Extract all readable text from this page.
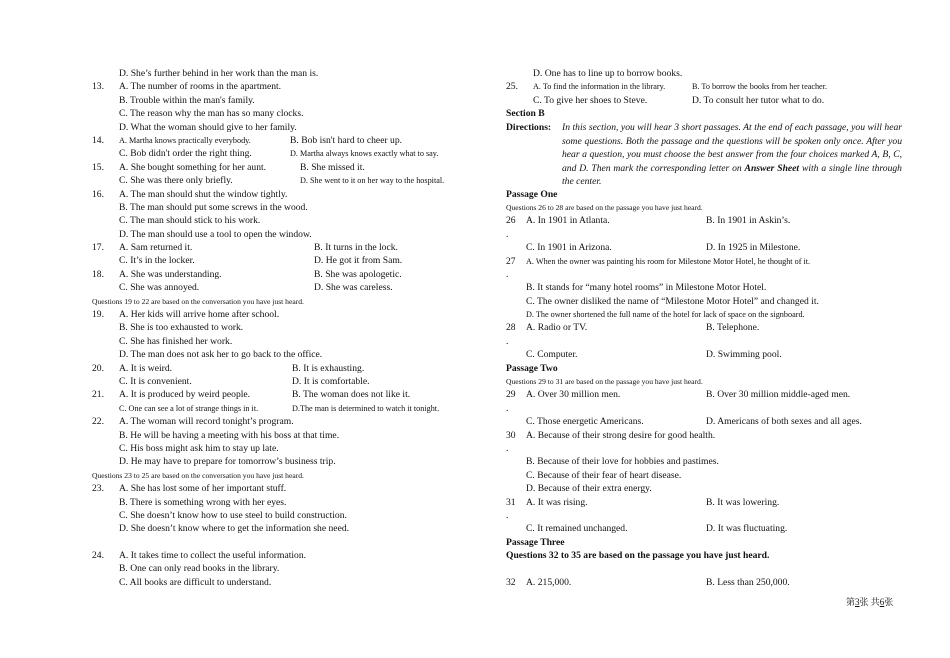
D. She’s further behind in her work than the man is.
13. A. The number of rooms in the apartment.
B. Trouble within the man's family.
C. The reason why the man has so many clocks.
D. What the woman should give to her family.
14. A. Martha knows practically everybody.	B. Bob isn't hard to cheer up.
C. Bob didn't order the right thing.	D. Martha always knows exactly what to say.
15. A. She bought something for her aunt.	B. She missed it.
C. She was there only briefly.	D. She went to it on her way to the hospital.
16. A. The man should shut the window tightly.
B. The man should put some screws in the wood.
C. The man should stick to his work.
D. The man should use a tool to open the window.
17. A. Sam returned it.	B. It turns in the lock.
C. It’s in the locker.	D. He got it from Sam.
18. A. She was understanding.	B. She was apologetic.
C. She was annoyed.	D. She was careless.
Questions 19 to 22 are based on the conversation you have just heard.
19. A. Her kids will arrive home after school.
B. She is too exhausted to work.
C. She has finished her work.
D. The man does not ask her to go back to the office.
20. A. It is weird.	B. It is exhausting.
C. It is convenient.	D. It is comfortable.
21. A. It is produced by weird people.	B. The woman does not like it.
C. One can see a lot of strange things in it.	D.The man is determined to watch it tonight.
22. A. The woman will record tonight’s program.
B. He will be having a meeting with his boss at that time.
C. His boss might ask him to stay up late.
D. He may have to prepare for tomorrow’s business trip.
Questions 23 to 25 are based on the conversation you have just heard.
23. A. She has lost some of her important stuff.
B. There is something wrong with her eyes.
C. She doesn’t know how to use steel to build construction.
D. She doesn’t know where to get the information she need.
24. A. It takes time to collect the useful information.
B. One can only read books in the library.
C. All books are difficult to understand.
D. One has to line up to borrow books.
25. A. To find the information in the library.	B. To borrow the books from her teacher.
C. To give her shoes to Steve.	D. To consult her tutor what to do.
Section B
Directions:	In this section, you will hear 3 short passages. At the end of each passage, you will hear some questions. Both the passage and the questions will be spoken only once. After you hear a question, you must choose the best answer from the four choices marked A, B, C, and D. Then mark the corresponding letter on Answer Sheet with a single line through the center.
Passage One
Questions 26 to 28 are based on the passage you have just heard.
26 A. In 1901 in Atlanta.	B. In 1901 in Askin’s.
.
C. In 1901 in Arizona.	D. In 1925 in Milestone.
27 A. When the owner was painting his room for Milestone Motor Hotel, he thought of it.
.
B. It stands for “many hotel rooms” in Milestone Motor Hotel.
C. The owner disliked the name of “Milestone Motor Hotel” and changed it.
D. The owner shortened the full name of the hotel for lack of space on the signboard.
28 A. Radio or TV.	B. Telephone.
.
C. Computer.	D. Swimming pool.
Passage Two
Questions 29 to 31 are based on the passage you have just heard.
29 A. Over 30 million men.	B. Over 30 million middle-aged men.
.
C. Those energetic Americans.	D. Americans of both sexes and all ages.
30 A. Because of their strong desire for good health.
.
B. Because of their love for hobbies and pastimes.
C. Because of their fear of heart disease.
D. Because of their extra energy.
31 A. It was rising.	B. It was lowering.
.
C. It remained unchanged.	D. It was fluctuating.
Passage Three
Questions 32 to 35 are based on the passage you have just heard.
32 A. 215,000.	B. Less than 250,000.
第3张 共6张
